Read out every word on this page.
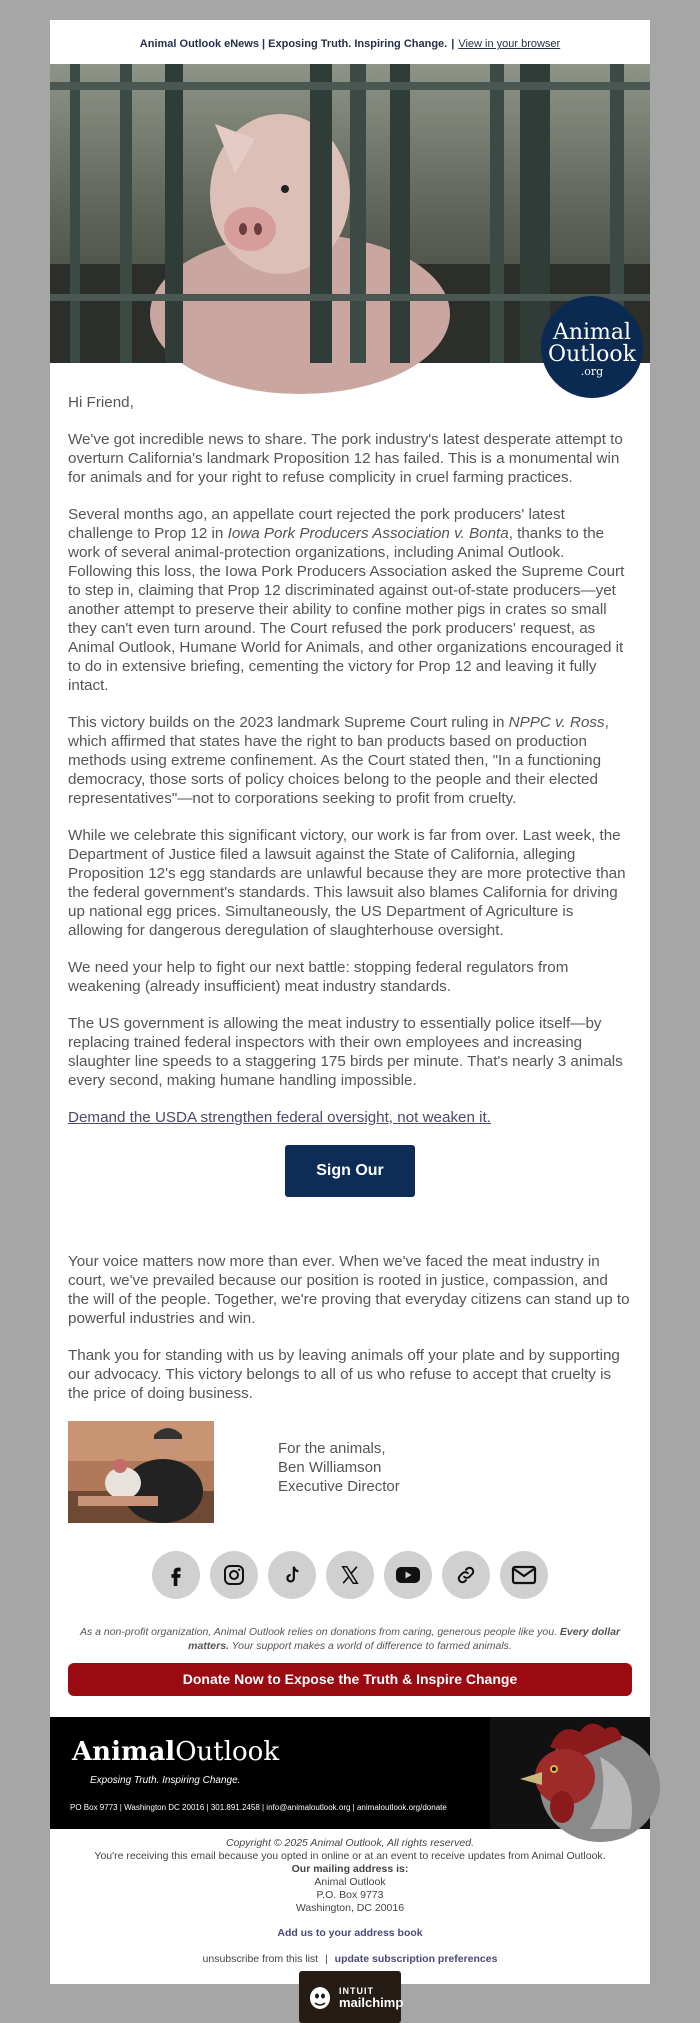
Animal Outlook eNews | Exposing Truth. Inspiring Change. | View in your browser
Animal
Outlook
.org

Hi Friend,

We've got incredible news to share. The pork industry's latest desperate attempt to overturn California's landmark Proposition 12 has failed. This is a monumental win for animals and for your right to refuse complicity in cruel farming practices.

Several months ago, an appellate court rejected the pork producers' latest challenge to Prop 12 in Iowa Pork Producers Association v. Bonta, thanks to the work of several animal-protection organizations, including Animal Outlook. Following this loss, the Iowa Pork Producers Association asked the Supreme Court to step in, claiming that Prop 12 discriminated against out-of-state producers—yet another attempt to preserve their ability to confine mother pigs in crates so small they can't even turn around. The Court refused the pork producers' request, as Animal Outlook, Humane World for Animals, and other organizations encouraged it to do in extensive briefing, cementing the victory for Prop 12 and leaving it fully intact.

This victory builds on the 2023 landmark Supreme Court ruling in NPPC v. Ross, which affirmed that states have the right to ban products based on production methods using extreme confinement. As the Court stated then, "In a functioning democracy, those sorts of policy choices belong to the people and their elected representatives"—not to corporations seeking to profit from cruelty.

While we celebrate this significant victory, our work is far from over. Last week, the Department of Justice filed a lawsuit against the State of California, alleging Proposition 12's egg standards are unlawful because they are more protective than the federal government's standards. This lawsuit also blames California for driving up national egg prices. Simultaneously, the US Department of Agriculture is allowing for dangerous deregulation of slaughterhouse oversight.

We need your help to fight our next battle: stopping federal regulators from weakening (already insufficient) meat industry standards.

The US government is allowing the meat industry to essentially police itself—by replacing trained federal inspectors with their own employees and increasing slaughter line speeds to a staggering 175 birds per minute. That's nearly 3 animals every second, making humane handling impossible.

Demand the USDA strengthen federal oversight, not weaken it.

Sign Our Petition

Your voice matters now more than ever. When we've faced the meat industry in court, we've prevailed because our position is rooted in justice, compassion, and the will of the people. Together, we're proving that everyday citizens can stand up to powerful industries and win.

Thank you for standing with us by leaving animals off your plate and by supporting our advocacy. This victory belongs to all of us who refuse to accept that cruelty is the price of doing business.

For the animals,
Ben Williamson
Executive Director
As a non-profit organization, Animal Outlook relies on donations from caring, generous people like you. Every dollar matters. Your support makes a world of difference to farmed animals.
Donate Now to Expose the Truth & Inspire Change
AnimalOutlook
Exposing Truth. Inspiring Change.
PO Box 9773 | Washington DC 20016 | 301.891.2458 | info@animaloutlook.org | animaloutlook.org/donate
Copyright © 2025 Animal Outlook, All rights reserved.
You're receiving this email because you opted in online or at an event to receive updates from Animal Outlook.
Our mailing address is:
Animal Outlook
P.O. Box 9773
Washington, DC 20016
Add us to your address book
unsubscribe from this list | update subscription preferences
INTUIT
mailchimp
